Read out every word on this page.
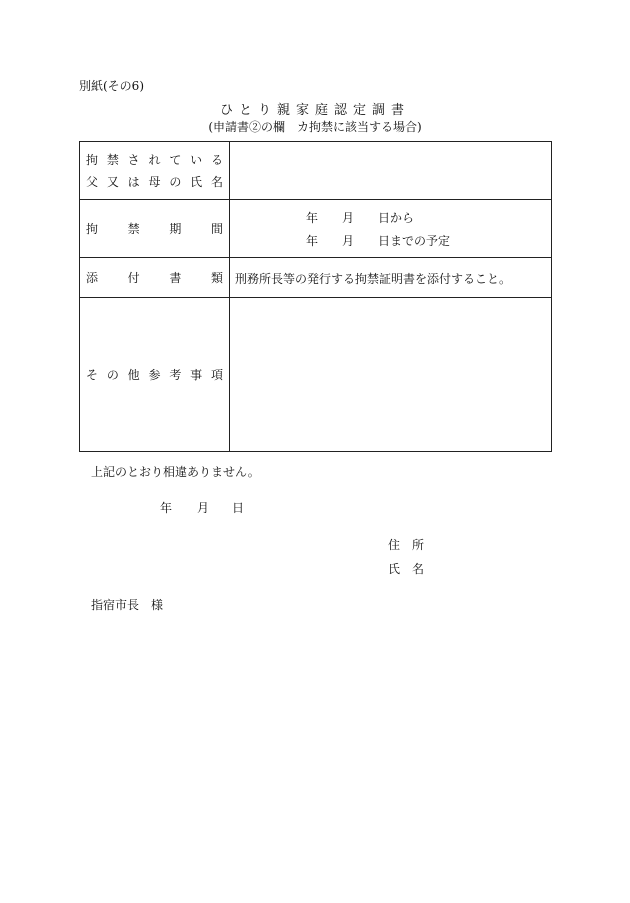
別紙(その6)
ひとり親家庭認定調書
(申請書②の欄　カ拘禁に該当する場合)
拘 禁 さ れ て い る
父 又 は 母 の 氏 名
拘 禁 期 間
年　　月　　日から
年　　月　　日までの予定
添 付 書 類 刑務所長等の発行する拘禁証明書を添付すること。
そ の 他 参 考 事 項
上記のとおり相違ありません。
年 月 日
住　所
氏　名
指宿市長　様
